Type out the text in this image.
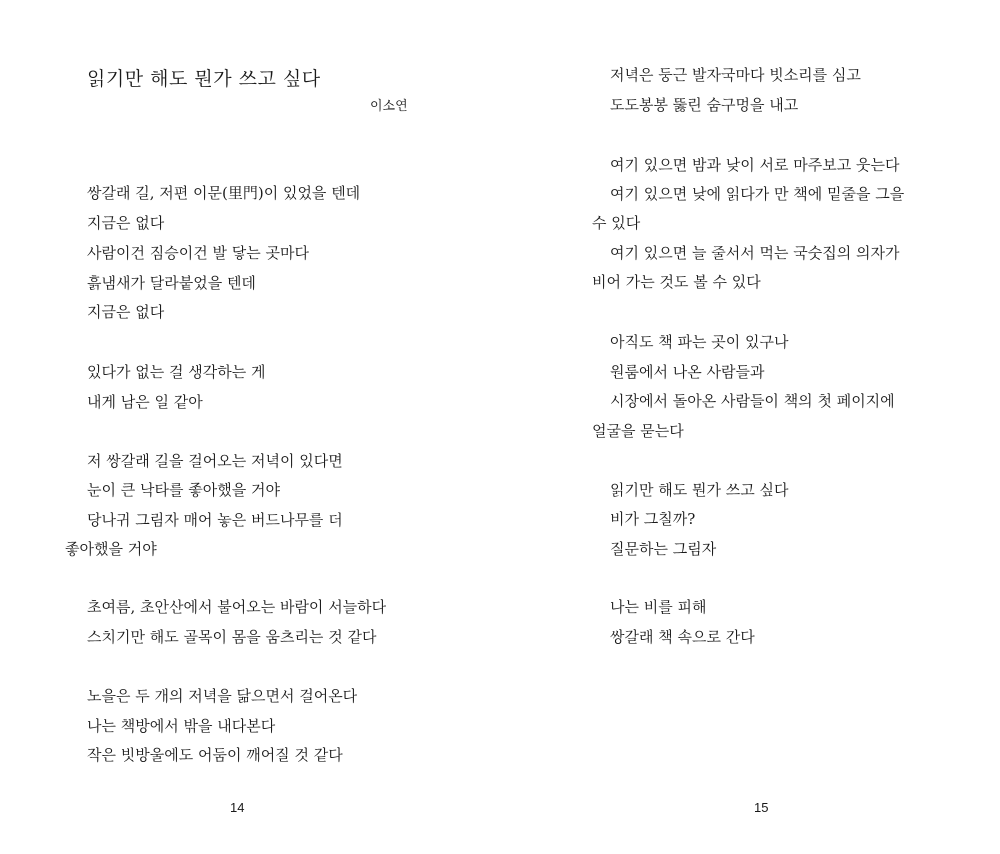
읽기만 해도 뭔가 쓰고 싶다
이소연
쌍갈래 길, 저편 이문(里門)이 있었을 텐데
지금은 없다
사람이건 짐승이건 발 닿는 곳마다
흙냄새가 달라붙었을 텐데
지금은 없다
있다가 없는 걸 생각하는 게
내게 남은 일 같아
저 쌍갈래 길을 걸어오는 저녁이 있다면
눈이 큰 낙타를 좋아했을 거야
당나귀 그림자 매어 놓은 버드나무를 더
좋아했을 거야
초여름, 초안산에서 불어오는 바람이 서늘하다
스치기만 해도 골목이 몸을 움츠리는 것 같다
노을은 두 개의 저녁을 닮으면서 걸어온다
나는 책방에서 밖을 내다본다
작은 빗방울에도 어둠이 깨어질 것 같다
14
저녁은 둥근 발자국마다 빗소리를 심고
도도봉봉 뚫린 숨구멍을 내고
여기 있으면 밤과 낮이 서로 마주보고 웃는다
여기 있으면 낮에 읽다가 만 책에 밑줄을 그을
수 있다
여기 있으면 늘 줄서서 먹는 국숫집의 의자가
비어 가는 것도 볼 수 있다
아직도 책 파는 곳이 있구나
원룸에서 나온 사람들과
시장에서 돌아온 사람들이 책의 첫 페이지에
얼굴을 묻는다
읽기만 해도 뭔가 쓰고 싶다
비가 그칠까?
질문하는 그림자
나는 비를 피해
쌍갈래 책 속으로 간다
15
